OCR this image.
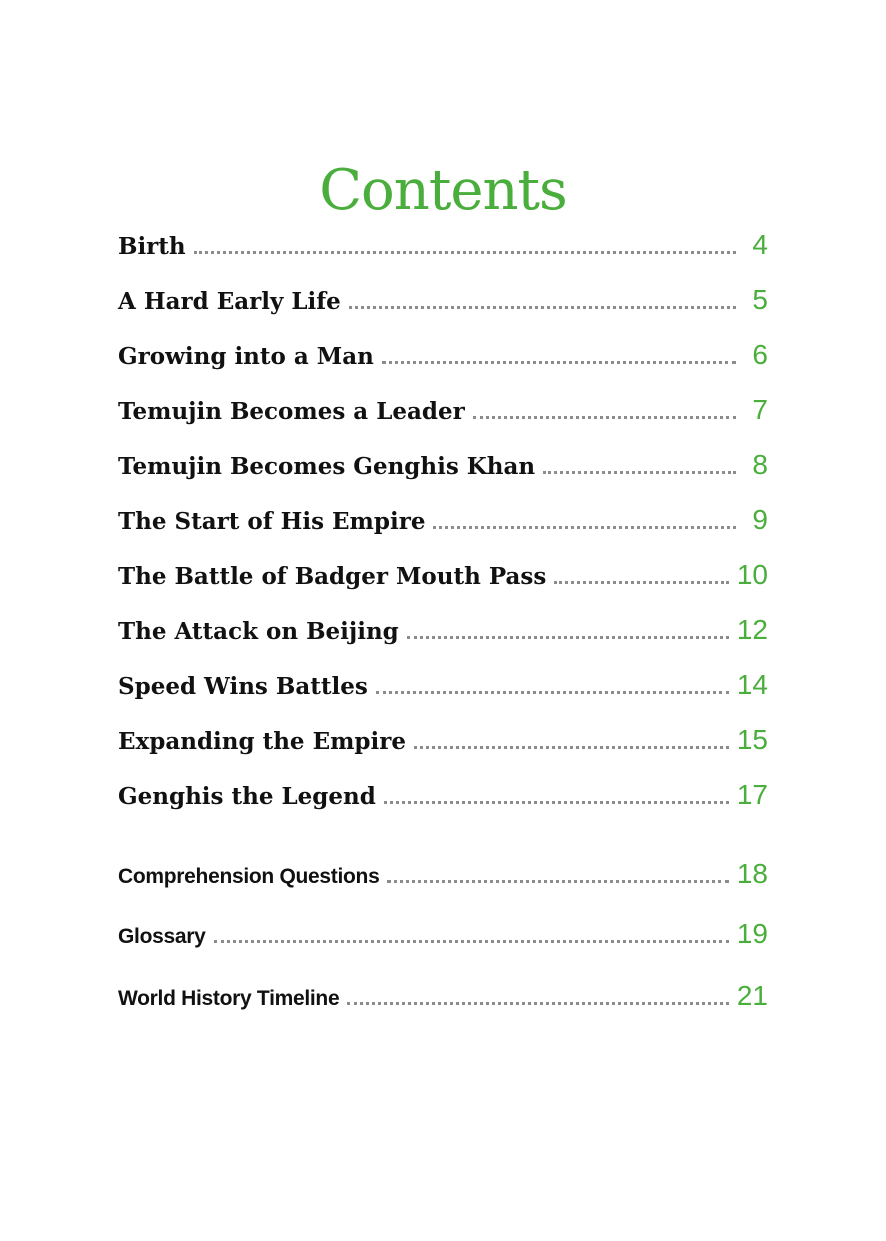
Contents
Birth	4
A Hard Early Life	5
Growing into a Man	6
Temujin Becomes a Leader	7
Temujin Becomes Genghis Khan	8
The Start of His Empire	9
The Battle of Badger Mouth Pass	10
The Attack on Beijing	12
Speed Wins Battles	14
Expanding the Empire	15
Genghis the Legend	17
Comprehension Questions	18
Glossary	19
World History Timeline	21
